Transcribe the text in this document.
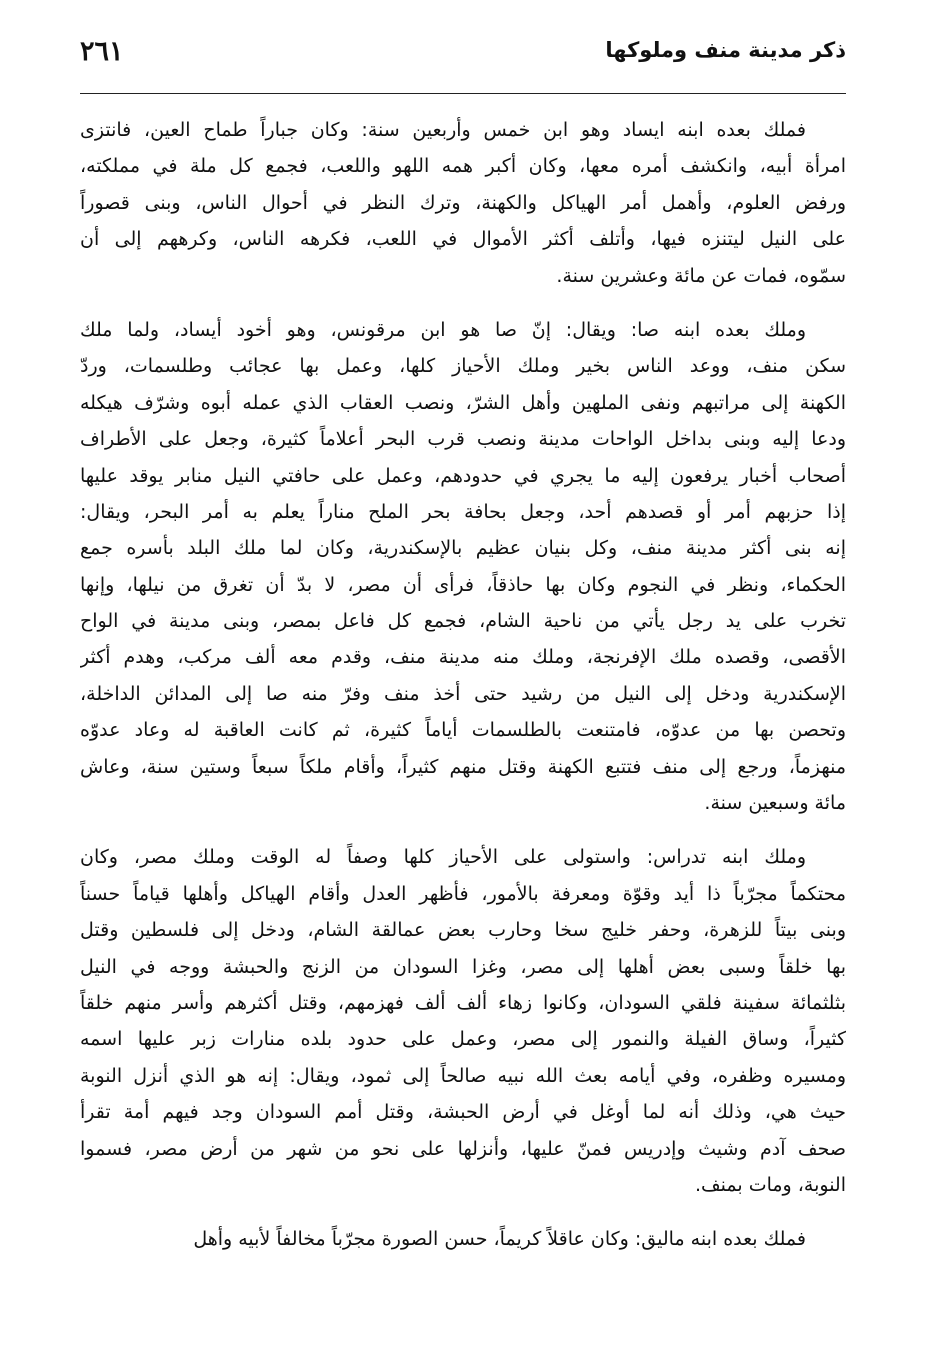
٢٦١	ذكر مدينة منف وملوكها
فملك بعده ابنه ايساد وهو ابن خمس وأربعين سنة: وكان جباراً طماح العين، فانتزى
امرأة أبيه، وانكشف أمره معها، وكان أكبر همه اللهو واللعب، فجمع كل ملة في مملكته،
ورفض العلوم، وأهمل أمر الهياكل والكهنة، وترك النظر في أحوال الناس، وبنى قصوراً
على النيل ليتنزه فيها، وأتلف أكثر الأموال في اللعب، فكرهه الناس، وكرههم إلى أن
سمّوه، فمات عن مائة وعشرين سنة.
وملك بعده ابنه صا: ويقال: إنّ صا هو ابن مرقونس، وهو أخود أيساد، ولما ملك
سكن منف، ووعد الناس بخير وملك الأحياز كلها، وعمل بها عجائب وطلسمات، وردّ
الكهنة إلى مراتبهم ونفى الملهين وأهل الشرّ، ونصب العقاب الذي عمله أبوه وشرّف هيكله
ودعا إليه وبنى بداخل الواحات مدينة ونصب قرب البحر أعلاماً كثيرة، وجعل على الأطراف
أصحاب أخبار يرفعون إليه ما يجري في حدودهم، وعمل على حافتي النيل منابر يوقد عليها
إذا حزبهم أمر أو قصدهم أحد، وجعل بحافة بحر الملح مناراً يعلم به أمر البحر، ويقال:
إنه بنى أكثر مدينة منف، وكل بنيان عظيم بالإسكندرية، وكان لما ملك البلد بأسره جمع
الحكماء، ونظر في النجوم وكان بها حاذقاً، فرأى أن مصر، لا بدّ أن تغرق من نيلها، وإنها
تخرب على يد رجل يأتي من ناحية الشام، فجمع كل فاعل بمصر، وبنى مدينة في الواح
الأقصى، وقصده ملك الإفرنجة، وملك منه مدينة منف، وقدم معه ألف مركب، وهدم أكثر
الإسكندرية ودخل إلى النيل من رشيد حتى أخذ منف وفرّ منه صا إلى المدائن الداخلة،
وتحصن بها من عدوّه، فامتنعت بالطلسمات أياماً كثيرة، ثم كانت العاقبة له وعاد عدوّه
منهزماً، ورجع إلى منف فتتبع الكهنة وقتل منهم كثيراً، وأقام ملكاً سبعاً وستين سنة، وعاش
مائة وسبعين سنة.
وملك ابنه تدراس: واستولى على الأحياز كلها وصفاً له الوقت وملك مصر، وكان
محتكماً مجرّباً ذا أيد وقوّة ومعرفة بالأمور، فأظهر العدل وأقام الهياكل وأهلها قياماً حسناً
وبنى بيتاً للزهرة، وحفر خليج سخا وحارب بعض عمالقة الشام، ودخل إلى فلسطين وقتل
بها خلقاً وسبى بعض أهلها إلى مصر، وغزا السودان من الزنج والحبشة ووجه في النيل
بثلثمائة سفينة فلقي السودان، وكانوا زهاء ألف ألف فهزمهم، وقتل أكثرهم وأسر منهم خلقاً
كثيراً، وساق الفيلة والنمور إلى مصر، وعمل على حدود بلده منارات زبر عليها اسمه
ومسيره وظفره، وفي أيامه بعث الله نبيه صالحاً إلى ثمود، ويقال: إنه هو الذي أنزل النوبة
حيث هي، وذلك أنه لما أوغل في أرض الحبشة، وقتل أمم السودان وجد فيهم أمة تقرأ
صحف آدم وشيث وإدريس فمنّ عليها، وأنزلها على نحو من شهر من أرض مصر، فسموا
النوبة، ومات بمنف.
فملك بعده ابنه ماليق: وكان عاقلاً كريماً، حسن الصورة مجرّباً مخالفاً لأبيه وأهل
